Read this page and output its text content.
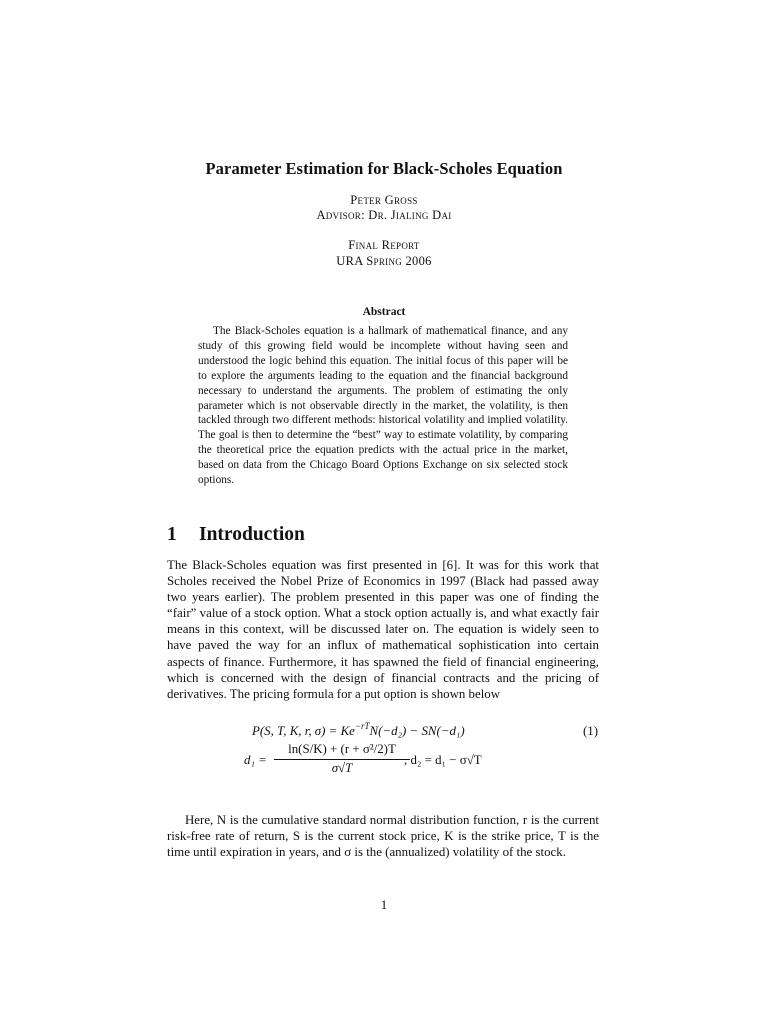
Parameter Estimation for Black-Scholes Equation
Peter Gross
Advisor: Dr. Jialing Dai
Final Report
URA Spring 2006
Abstract
The Black-Scholes equation is a hallmark of mathematical finance, and any study of this growing field would be incomplete without having seen and understood the logic behind this equation. The initial focus of this paper will be to explore the arguments leading to the equation and the financial background necessary to understand the arguments. The problem of estimating the only parameter which is not observable directly in the market, the volatility, is then tackled through two different methods: historical volatility and implied volatility. The goal is then to determine the “best” way to estimate volatility, by comparing the theoretical price the equation predicts with the actual price in the market, based on data from the Chicago Board Options Exchange on six selected stock options.
1 Introduction
The Black-Scholes equation was first presented in [6]. It was for this work that Scholes received the Nobel Prize of Economics in 1997 (Black had passed away two years earlier). The problem presented in this paper was one of finding the “fair” value of a stock option. What a stock option actually is, and what exactly fair means in this context, will be discussed later on. The equation is widely seen to have paved the way for an influx of mathematical sophistication into certain aspects of finance. Furthermore, it has spawned the field of financial engineering, which is concerned with the design of financial contracts and the pricing of derivatives. The pricing formula for a put option is shown below
P(S, T, K, r, $\sigma) = Ke^{-rT}N(-d_2) - SN(-d_1)$	(1)
d₁ =
ln(S/K) + (r + σ²/2)T
σ√T
, d₂ = d₁ − σ√T
Here, N is the cumulative standard normal distribution function, r is the current risk-free rate of return, S is the current stock price, K is the strike price, T is the time until expiration in years, and σ is the (annualized) volatility of the stock.
1
